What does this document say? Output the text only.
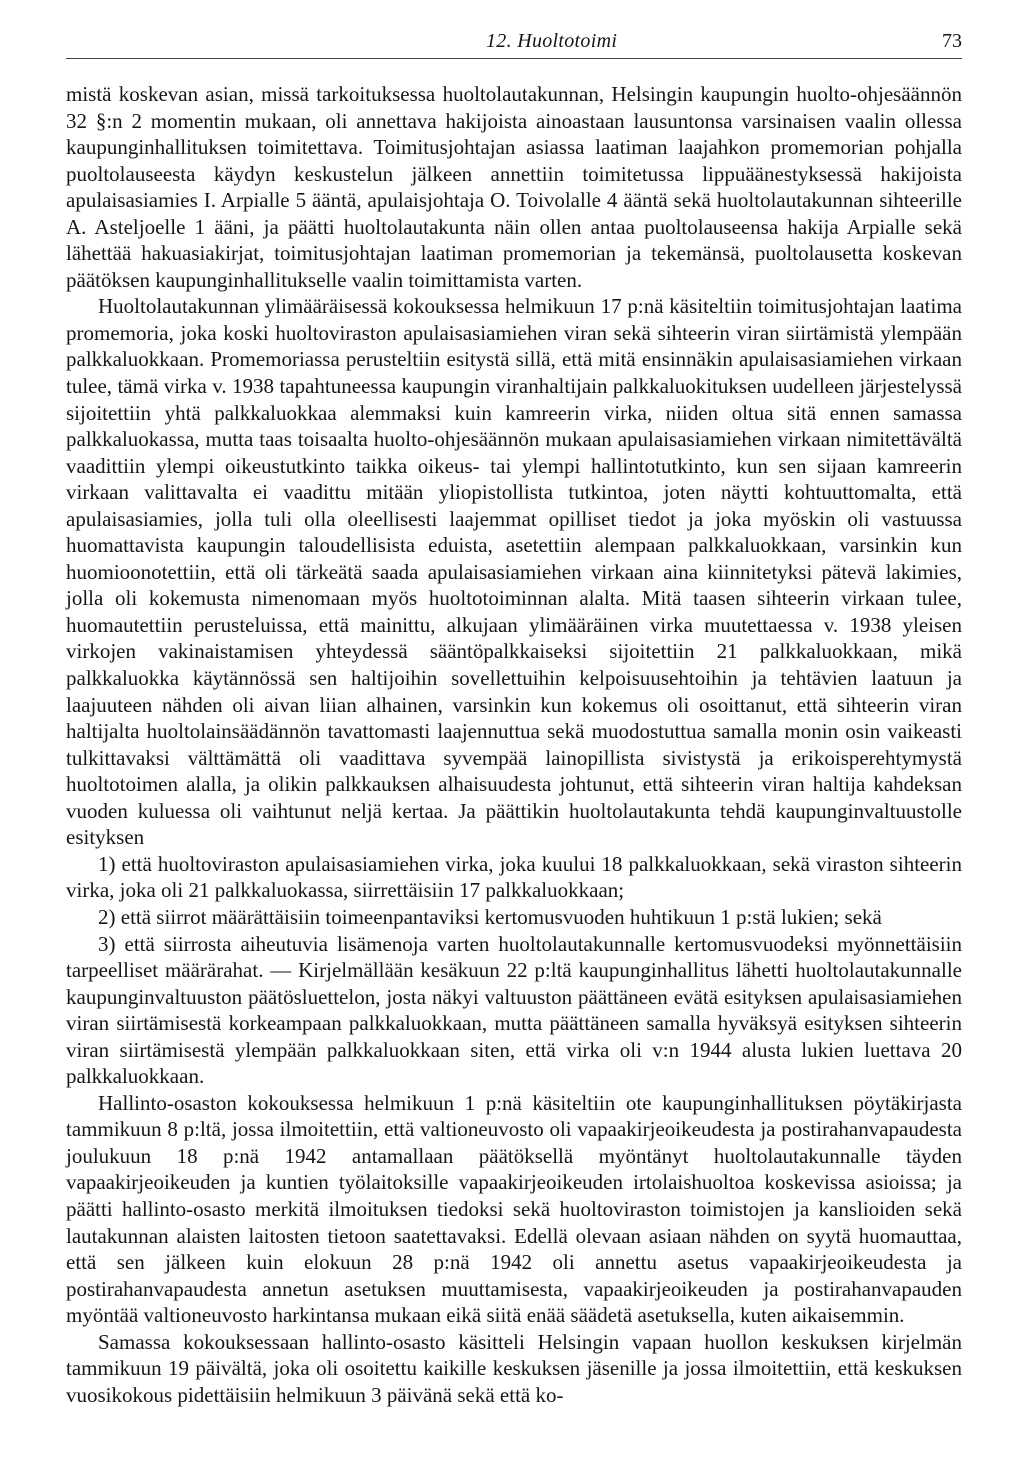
12. Huoltotoimi	73

mistä koskevan asian, missä tarkoituksessa huoltolautakunnan, Helsingin kaupungin huolto-ohjesäännön 32 §:n 2 momentin mukaan, oli annettava hakijoista ainoastaan lausuntonsa varsinaisen vaalin ollessa kaupunginhallituksen toimitettava. Toimitusjohtajan asiassa laatiman laajahkon promemorian pohjalla puoltolauseesta käydyn keskustelun jälkeen annettiin toimitetussa lippuäänestyksessä hakijoista apulaisasiamies I. Arpialle 5 ääntä, apulaisjohtaja O. Toivolalle 4 ääntä sekä huoltolautakunnan sihteerille A. Asteljoelle 1 ääni, ja päätti huoltolautakunta näin ollen antaa puoltolauseensa hakija Arpialle sekä lähettää hakuasiakirjat, toimitusjohtajan laatiman promemorian ja tekemänsä, puoltolausetta koskevan päätöksen kaupunginhallitukselle vaalin toimittamista varten.

Huoltolautakunnan ylimääräisessä kokouksessa helmikuun 17 p:nä käsiteltiin toimitusjohtajan laatima promemoria, joka koski huoltoviraston apulaisasiamiehen viran sekä sihteerin viran siirtämistä ylempään palkkaluokkaan. Promemoriassa perusteltiin esitystä sillä, että mitä ensinnäkin apulaisasiamiehen virkaan tulee, tämä virka v. 1938 tapahtuneessa kaupungin viranhaltijain palkkaluokituksen uudelleen järjestelyssä sijoitettiin yhtä palkkaluokkaa alemmaksi kuin kamreerin virka, niiden oltua sitä ennen samassa palkkaluokassa, mutta taas toisaalta huolto-ohjesäännön mukaan apulaisasiamiehen virkaan nimitettävältä vaadittiin ylempi oikeustutkinto taikka oikeus- tai ylempi hallintotutkinto, kun sen sijaan kamreerin virkaan valittavalta ei vaadittu mitään yliopistollista tutkintoa, joten näytti kohtuuttomalta, että apulaisasiamies, jolla tuli olla oleellisesti laajemmat opilliset tiedot ja joka myöskin oli vastuussa huomattavista kaupungin taloudellisista eduista, asetettiin alempaan palkkaluokkaan, varsinkin kun huomioonotettiin, että oli tärkeätä saada apulaisasiamiehen virkaan aina kiinnitetyksi pätevä lakimies, jolla oli kokemusta nimenomaan myös huoltotoiminnan alalta. Mitä taasen sihteerin virkaan tulee, huomautettiin perusteluissa, että mainittu, alkujaan ylimääräinen virka muutettaessa v. 1938 yleisen virkojen vakinaistamisen yhteydessä sääntöpalkkaiseksi sijoitettiin 21 palkkaluokkaan, mikä palkkaluokka käytännössä sen haltijoihin sovellettuihin kelpoisuusehtoihin ja tehtävien laatuun ja laajuuteen nähden oli aivan liian alhainen, varsinkin kun kokemus oli osoittanut, että sihteerin viran haltijalta huoltolainsäädännön tavattomasti laajennuttua sekä muodostuttua samalla monin osin vaikeasti tulkittavaksi välttämättä oli vaadittava syvempää lainopillista sivistystä ja erikoisperehtymystä huoltotoimen alalla, ja olikin palkkauksen alhaisuudesta johtunut, että sihteerin viran haltija kahdeksan vuoden kuluessa oli vaihtunut neljä kertaa. Ja päättikin huoltolautakunta tehdä kaupunginvaltuustolle esityksen

1) että huoltoviraston apulaisasiamiehen virka, joka kuului 18 palkkaluokkaan, sekä viraston sihteerin virka, joka oli 21 palkkaluokassa, siirrettäisiin 17 palkkaluokkaan;

2) että siirrot määrättäisiin toimeenpantaviksi kertomusvuoden huhtikuun 1 p:stä lukien; sekä

3) että siirrosta aiheutuvia lisämenoja varten huoltolautakunnalle kertomusvuodeksi myönnettäisiin tarpeelliset määrärahat. — Kirjelmällään kesäkuun 22 p:ltä kaupunginhallitus lähetti huoltolautakunnalle kaupunginvaltuuston päätösluettelon, josta näkyi valtuuston päättäneen evätä esityksen apulaisasiamiehen viran siirtämisestä korkeampaan palkkaluokkaan, mutta päättäneen samalla hyväksyä esityksen sihteerin viran siirtämisestä ylempään palkkaluokkaan siten, että virka oli v:n 1944 alusta lukien luettava 20 palkkaluokkaan.

Hallinto-osaston kokouksessa helmikuun 1 p:nä käsiteltiin ote kaupunginhallituksen pöytäkirjasta tammikuun 8 p:ltä, jossa ilmoitettiin, että valtioneuvosto oli vapaakirjeoikeudesta ja postirahanvapaudesta joulukuun 18 p:nä 1942 antamallaan päätöksellä myöntänyt huoltolautakunnalle täyden vapaakirjeoikeuden ja kuntien työlaitoksille vapaakirjeoikeuden irtolaishuoltoa koskevissa asioissa; ja päätti hallinto-osasto merkitä ilmoituksen tiedoksi sekä huoltoviraston toimistojen ja kanslioiden sekä lautakunnan alaisten laitosten tietoon saatettavaksi. Edellä olevaan asiaan nähden on syytä huomauttaa, että sen jälkeen kuin elokuun 28 p:nä 1942 oli annettu asetus vapaakirjeoikeudesta ja postirahanvapaudesta annetun asetuksen muuttamisesta, vapaakirjeoikeuden ja postirahanvapauden myöntää valtioneuvosto harkintansa mukaan eikä siitä enää säädetä asetuksella, kuten aikaisemmin.

Samassa kokouksessaan hallinto-osasto käsitteli Helsingin vapaan huollon keskuksen kirjelmän tammikuun 19 päivältä, joka oli osoitettu kaikille keskuksen jäsenille ja jossa ilmoitettiin, että keskuksen vuosikokous pidettäisiin helmikuun 3 päivänä sekä että ko-
